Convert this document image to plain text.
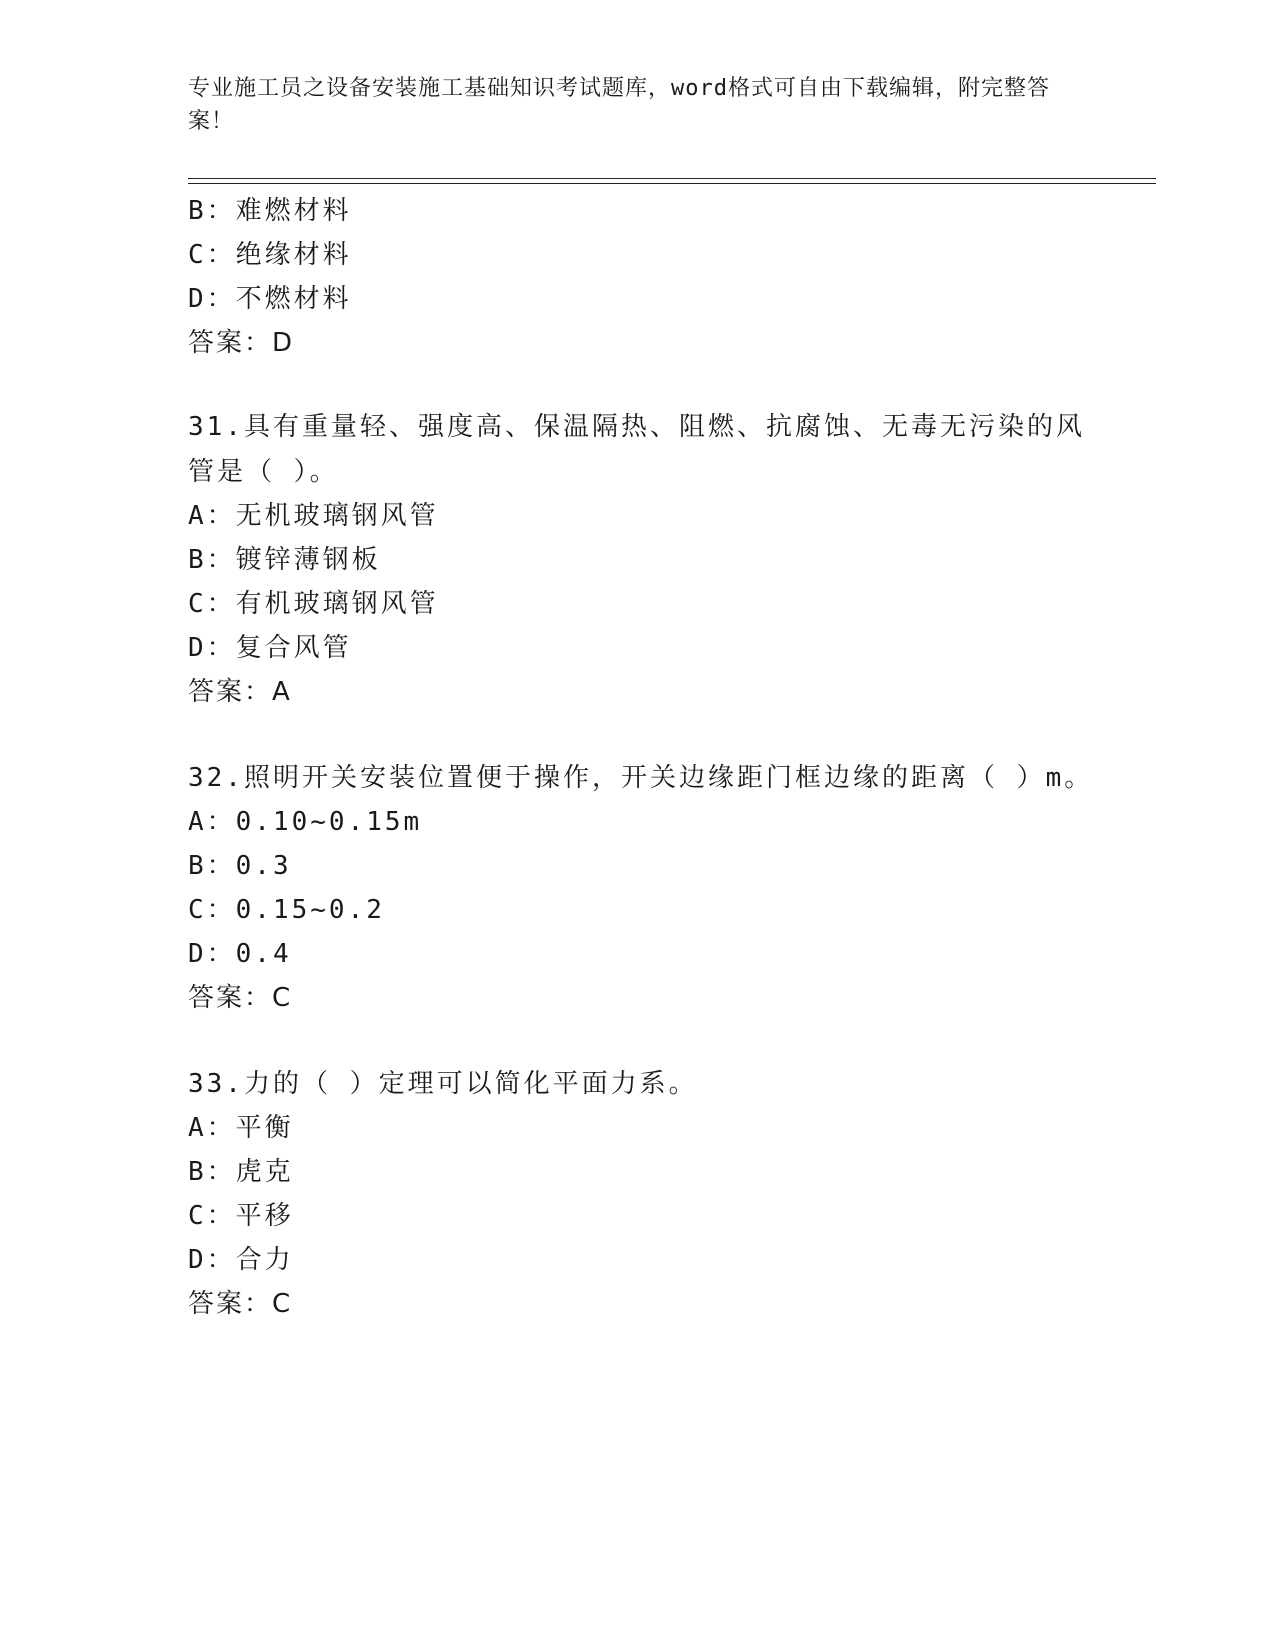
专业施工员之设备安装施工基础知识考试题库，word格式可自由下载编辑，附完整答案！
B：难燃材料
C：绝缘材料
D：不燃材料
答案：D
31.具有重量轻、强度高、保温隔热、阻燃、抗腐蚀、无毒无污染的风管是（ ）。
A：无机玻璃钢风管
B：镀锌薄钢板
C：有机玻璃钢风管
D：复合风管
答案：A
32.照明开关安装位置便于操作，开关边缘距门框边缘的距离（ ）m。
A：0.10~0.15m
B：0.3
C：0.15~0.2
D：0.4
答案：C
33.力的（ ）定理可以简化平面力系。
A：平衡
B：虎克
C：平移
D：合力
答案：C
